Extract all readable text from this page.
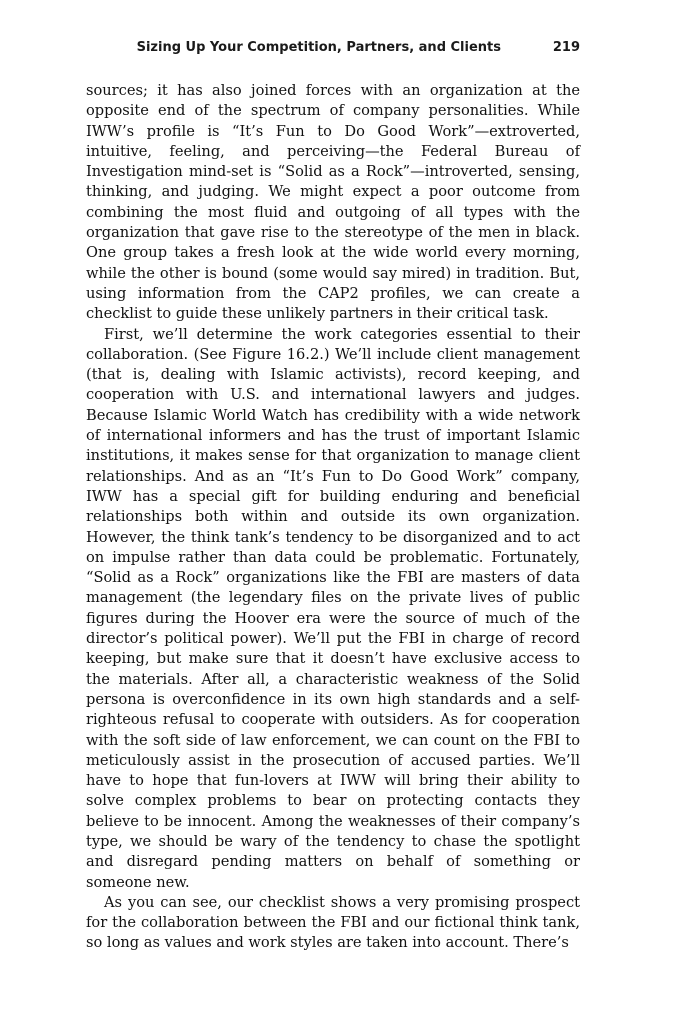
Sizing Up Your Competition, Partners, and Clients	219

sources; it has also joined forces with an organization at the opposite end of the spectrum of company personalities. While IWW’s profile is “It’s Fun to Do Good Work”—extroverted, intuitive, feeling, and perceiving—the Federal Bureau of Investigation mind-set is “Solid as a Rock”—introverted, sensing, thinking, and judging. We might expect a poor outcome from combining the most fluid and outgoing of all types with the organization that gave rise to the stereotype of the men in black. One group takes a fresh look at the wide world every morning, while the other is bound (some would say mired) in tradition. But, using information from the CAP2 profiles, we can create a checklist to guide these unlikely partners in their critical task.

First, we’ll determine the work categories essential to their collaboration. (See Figure 16.2.) We’ll include client management (that is, dealing with Islamic activists), record keeping, and cooperation with U.S. and international lawyers and judges. Because Islamic World Watch has credibility with a wide network of international informers and has the trust of important Islamic institutions, it makes sense for that organization to manage client relationships. And as an “It’s Fun to Do Good Work” company, IWW has a special gift for building enduring and beneficial relationships both within and outside its own organization. However, the think tank’s tendency to be disorganized and to act on impulse rather than data could be problematic. Fortunately, “Solid as a Rock” organizations like the FBI are masters of data management (the legendary files on the private lives of public figures during the Hoover era were the source of much of the director’s political power). We’ll put the FBI in charge of record keeping, but make sure that it doesn’t have exclusive access to the materials. After all, a characteristic weakness of the Solid persona is overconfidence in its own high standards and a self-righteous refusal to cooperate with outsiders. As for cooperation with the soft side of law enforcement, we can count on the FBI to meticulously assist in the prosecution of accused parties. We’ll have to hope that fun-lovers at IWW will bring their ability to solve complex problems to bear on protecting contacts they believe to be innocent. Among the weaknesses of their company’s type, we should be wary of the tendency to chase the spotlight and disregard pending matters on behalf of something or someone new.

As you can see, our checklist shows a very promising prospect for the collaboration between the FBI and our fictional think tank, so long as values and work styles are taken into account. There’s
